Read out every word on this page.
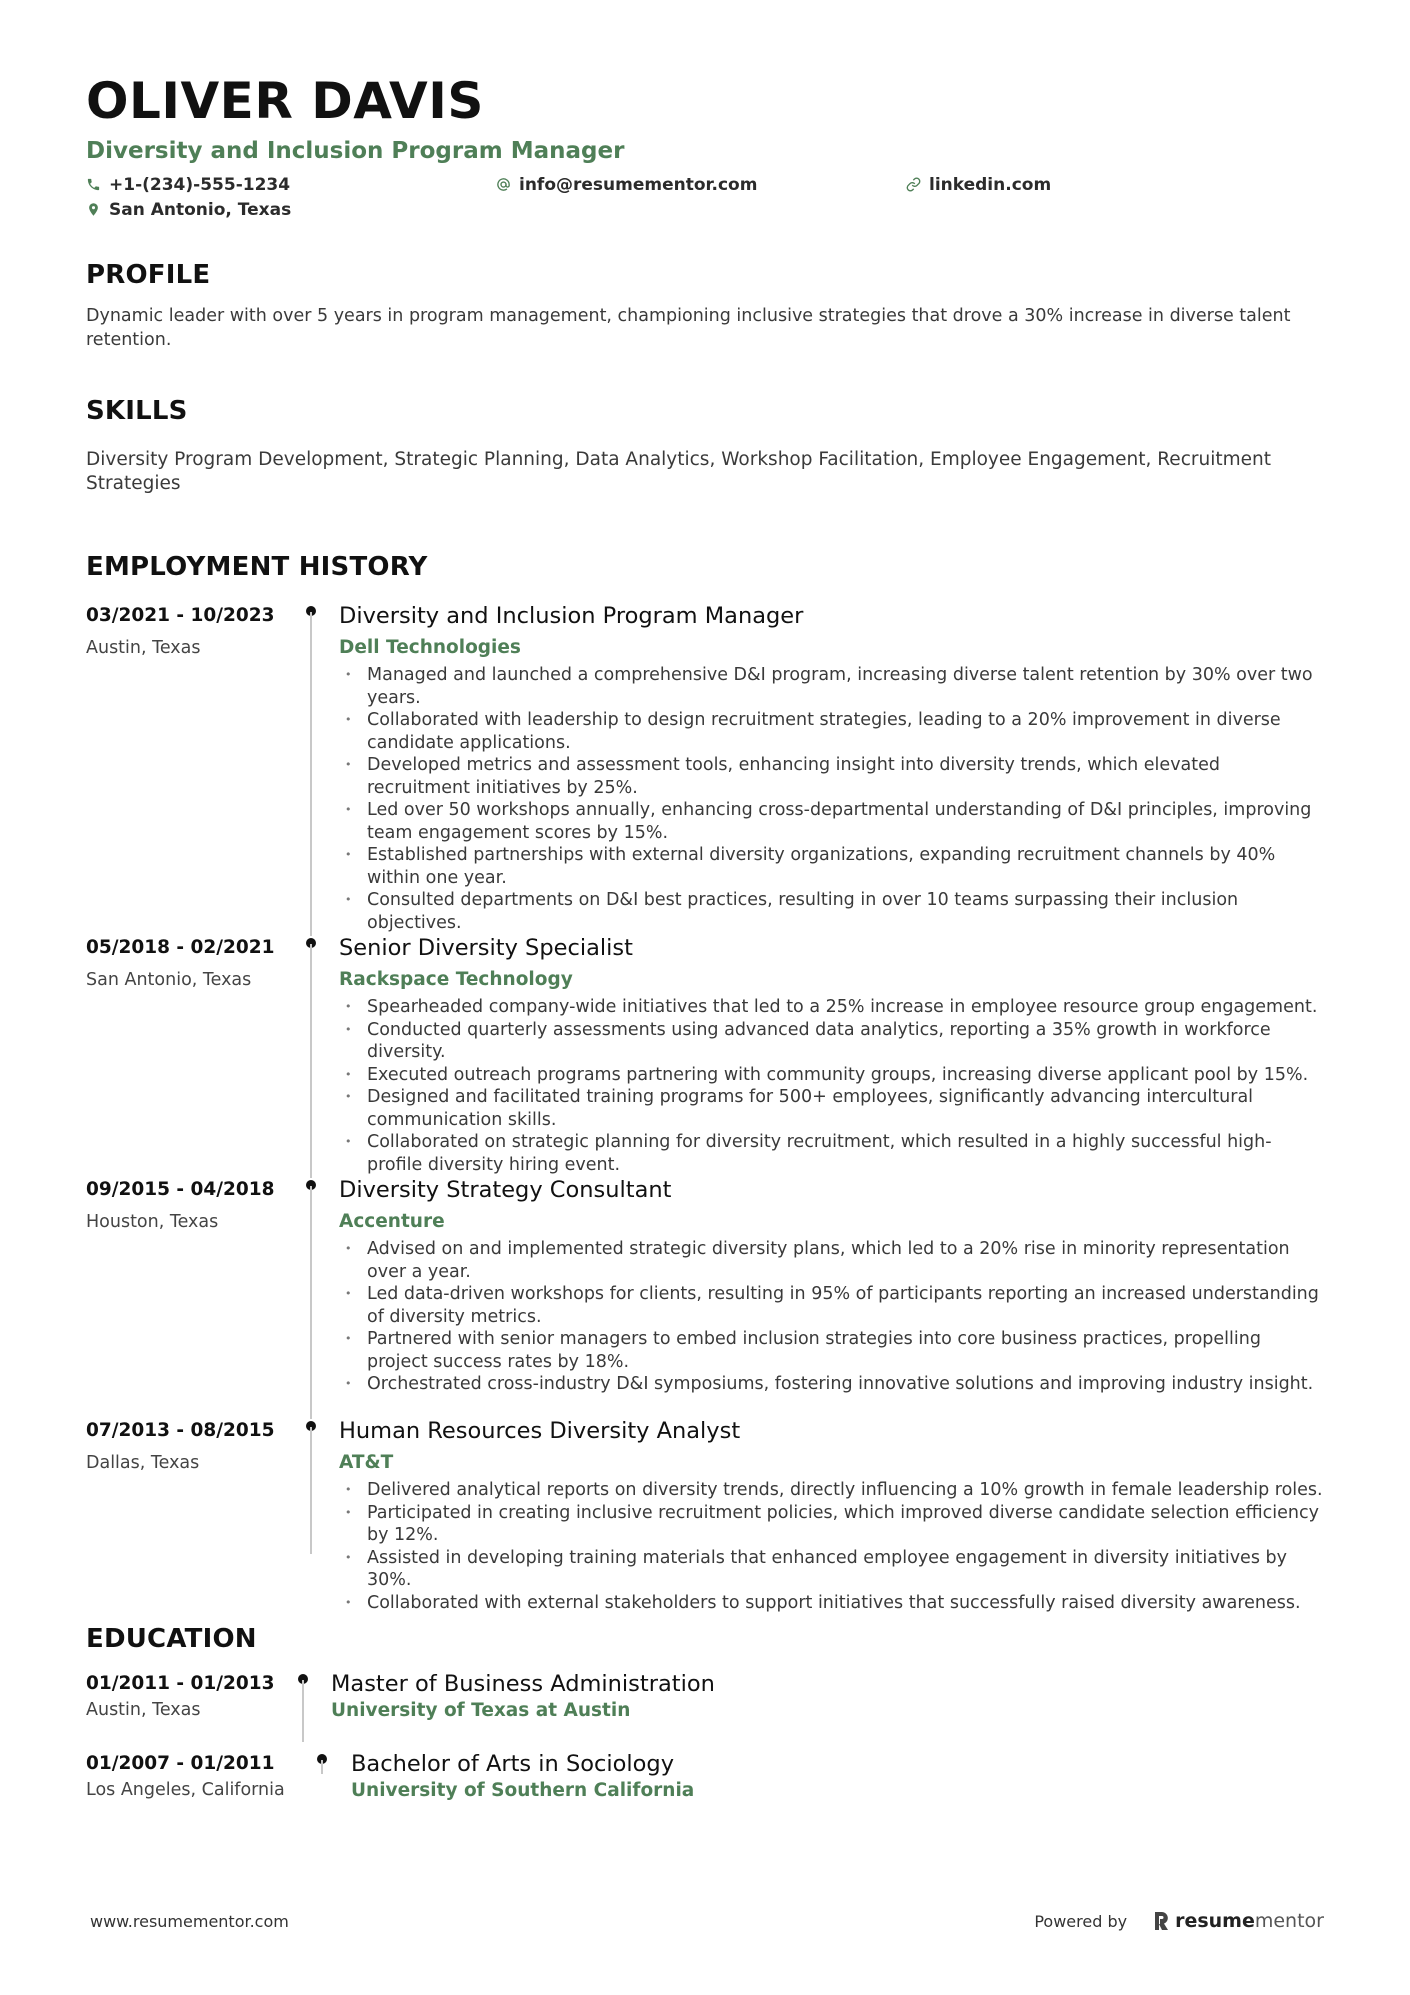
OLIVER DAVIS
Diversity and Inclusion Program Manager
+1-(234)-555-1234	info@resumementor.com	linkedin.com
San Antonio, Texas
PROFILE
Dynamic leader with over 5 years in program management, championing inclusive strategies that drove a 30% increase in diverse talent retention.
SKILLS
Diversity Program Development, Strategic Planning, Data Analytics, Workshop Facilitation, Employee Engagement, Recruitment Strategies
EMPLOYMENT HISTORY
03/2021 - 10/2023
Austin, Texas
Diversity and Inclusion Program Manager
Dell Technologies
• Managed and launched a comprehensive D&I program, increasing diverse talent retention by 30% over two years.
• Collaborated with leadership to design recruitment strategies, leading to a 20% improvement in diverse candidate applications.
• Developed metrics and assessment tools, enhancing insight into diversity trends, which elevated recruitment initiatives by 25%.
• Led over 50 workshops annually, enhancing cross-departmental understanding of D&I principles, improving team engagement scores by 15%.
• Established partnerships with external diversity organizations, expanding recruitment channels by 40% within one year.
• Consulted departments on D&I best practices, resulting in over 10 teams surpassing their inclusion objectives.
05/2018 - 02/2021
San Antonio, Texas
Senior Diversity Specialist
Rackspace Technology
• Spearheaded company-wide initiatives that led to a 25% increase in employee resource group engagement.
• Conducted quarterly assessments using advanced data analytics, reporting a 35% growth in workforce diversity.
• Executed outreach programs partnering with community groups, increasing diverse applicant pool by 15%.
• Designed and facilitated training programs for 500+ employees, significantly advancing intercultural communication skills.
• Collaborated on strategic planning for diversity recruitment, which resulted in a highly successful high-profile diversity hiring event.
09/2015 - 04/2018
Houston, Texas
Diversity Strategy Consultant
Accenture
• Advised on and implemented strategic diversity plans, which led to a 20% rise in minority representation over a year.
• Led data-driven workshops for clients, resulting in 95% of participants reporting an increased understanding of diversity metrics.
• Partnered with senior managers to embed inclusion strategies into core business practices, propelling project success rates by 18%.
• Orchestrated cross-industry D&I symposiums, fostering innovative solutions and improving industry insight.
07/2013 - 08/2015
Dallas, Texas
Human Resources Diversity Analyst
AT&T
• Delivered analytical reports on diversity trends, directly influencing a 10% growth in female leadership roles.
• Participated in creating inclusive recruitment policies, which improved diverse candidate selection efficiency by 12%.
• Assisted in developing training materials that enhanced employee engagement in diversity initiatives by 30%.
• Collaborated with external stakeholders to support initiatives that successfully raised diversity awareness.
EDUCATION
01/2011 - 01/2013
Austin, Texas
Master of Business Administration
University of Texas at Austin
01/2007 - 01/2011
Los Angeles, California
Bachelor of Arts in Sociology
University of Southern California
www.resumementor.com	Powered by	resume mentor
